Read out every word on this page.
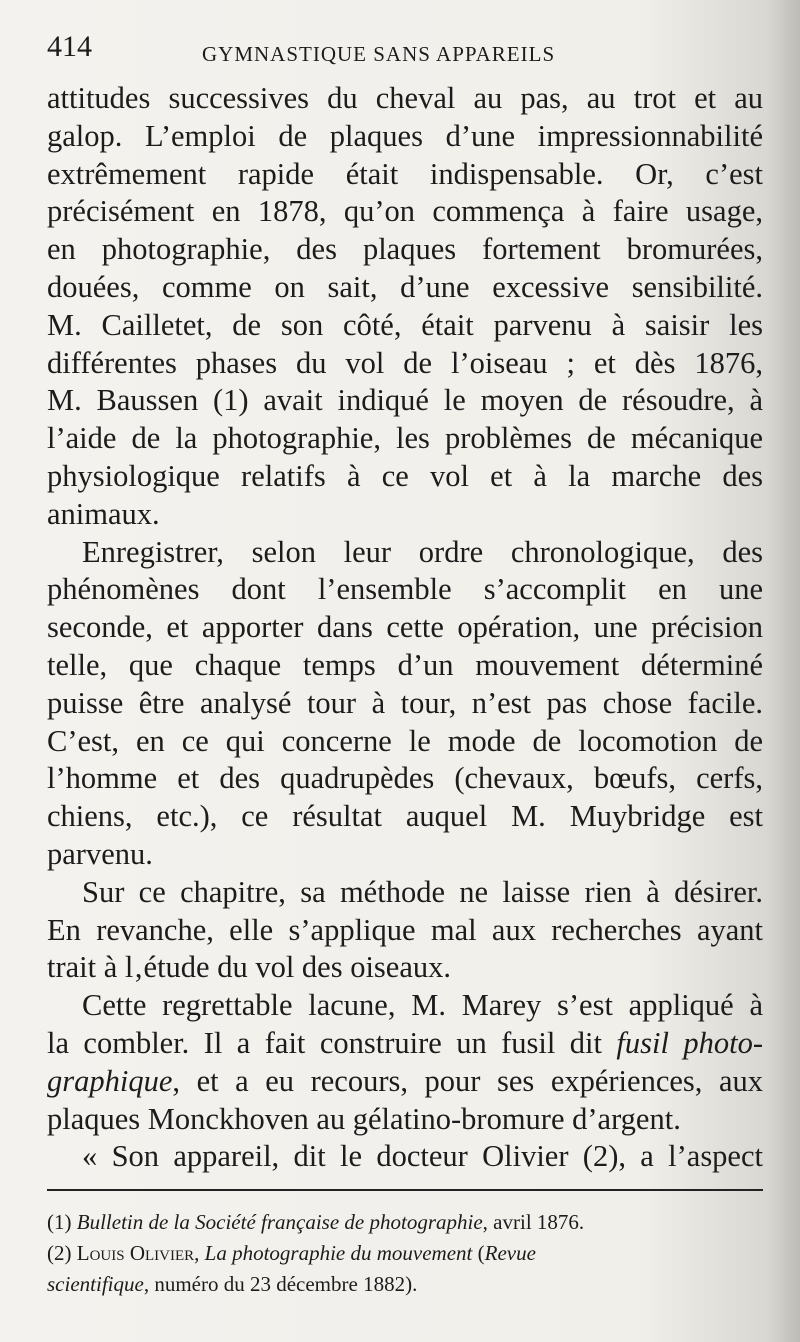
414	GYMNASTIQUE SANS APPAREILS

attitudes successives du cheval au pas, au trot et au
galop. L’emploi de plaques d’une impressionnabilité
extrêmement rapide était indispensable. Or, c’est
précisément en 1878, qu’on commença à faire usage,
en photographie, des plaques fortement bromurées,
douées, comme on sait, d’une excessive sensibilité.
M. Cailletet, de son côté, était parvenu à saisir les
différentes phases du vol de l’oiseau ; et dès 1876,
M. Baussen (1) avait indiqué le moyen de résoudre, à
l’aide de la photographie, les problèmes de mécanique
physiologique relatifs à ce vol et à la marche des
animaux.

Enregistrer, selon leur ordre chronologique, des
phénomènes dont l’ensemble s’accomplit en une
seconde, et apporter dans cette opération, une précision
telle, que chaque temps d’un mouvement déterminé
puisse être analysé tour à tour, n’est pas chose facile.
C’est, en ce qui concerne le mode de locomotion de
l’homme et des quadrupèdes (chevaux, bœufs, cerfs,
chiens, etc.), ce résultat auquel M. Muybridge est
parvenu.

Sur ce chapitre, sa méthode ne laisse rien à désirer.
En revanche, elle s’applique mal aux recherches ayant
trait à l‚étude du vol des oiseaux.

Cette regrettable lacune, M. Marey s’est appliqué à
la combler. Il a fait construire un fusil dit fusil photo-
graphique, et a eu recours, pour ses expériences, aux
plaques Monckhoven au gélatino-bromure d’argent.

« Son appareil, dit le docteur Olivier (2), a l’aspect

(1) Bulletin de la Société française de photographie, avril 1876.
(2) Louis Olivier, La photographie du mouvement (Revue
scientifique, numéro du 23 décembre 1882).
